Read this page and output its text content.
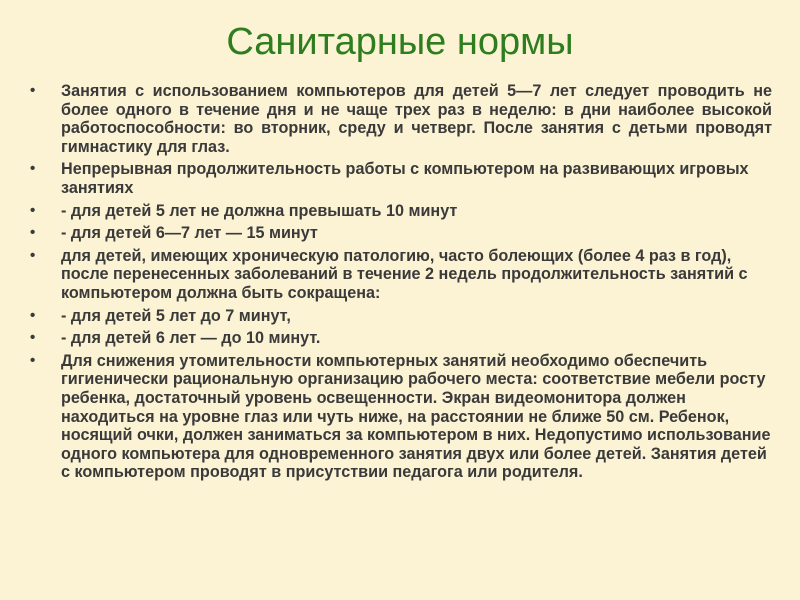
Санитарные нормы
•	Занятия с использованием компьютеров для детей 5—7 лет следует проводить не более одного в течение дня и не чаще трех раз в неделю: в дни наиболее высокой работоспособности: во вторник, среду и четверг. После занятия с детьми проводят гимнастику для глаз.
•	Непрерывная продолжительность работы с компьютером на развивающих игровых занятиях
•	- для детей 5 лет не должна превышать 10 минут
•	- для детей 6—7 лет — 15 минут
•	для детей, имеющих хроническую патологию, часто болеющих (более 4 раз в год), после перенесенных заболеваний в течение 2 недель продолжительность занятий с компьютером должна быть сокращена:
•	- для детей 5 лет до 7 минут,
•	- для детей 6 лет — до 10 минут.
•	Для снижения утомительности компьютерных занятий необходимо обеспечить гигиенически рациональную организацию рабочего места: соответствие мебели росту ребенка, достаточный уровень освещенности. Экран видеомонитора должен находиться на уровне глаз или чуть ниже, на расстоянии не ближе 50 см. Ребенок, носящий очки, должен заниматься за компьютером в них. Недопустимо использование одного компьютера для одновременного занятия двух или более детей. Занятия детей с компьютером проводят в присутствии педагога или родителя.
